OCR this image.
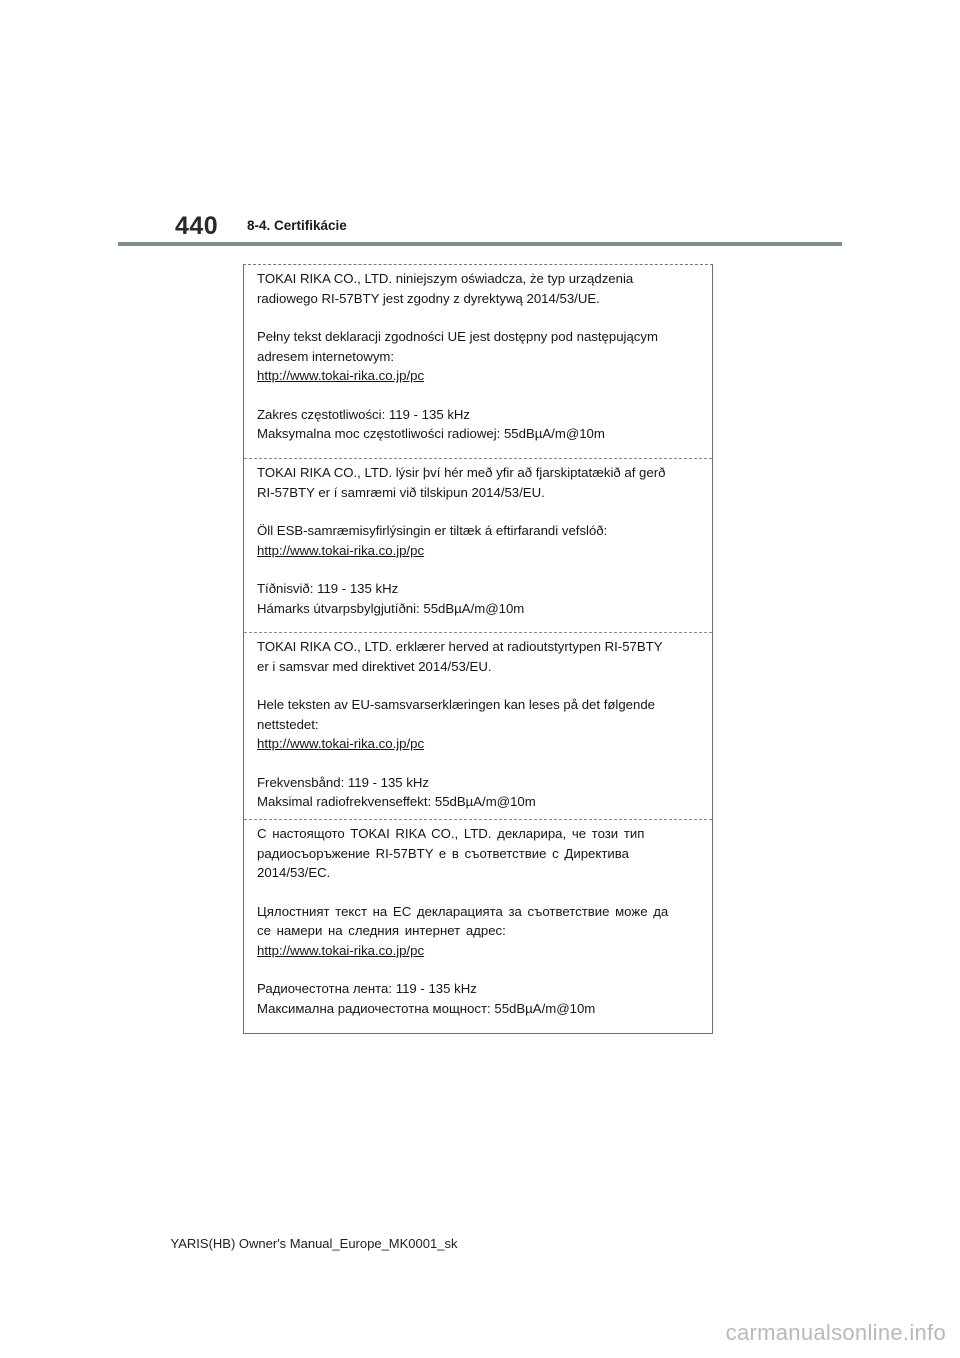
440 8-4. Certifikácie
TOKAI RIKA CO., LTD. niniejszym oświadcza, że typ urządzenia
radiowego RI-57BTY jest zgodny z dyrektywą 2014/53/UE.
Pełny tekst deklaracji zgodności UE jest dostępny pod następującym
adresem internetowym:
http://www.tokai-rika.co.jp/pc
Zakres częstotliwości: 119 - 135 kHz
Maksymalna moc częstotliwości radiowej: 55dBµA/m@10m
TOKAI RIKA CO., LTD. lýsir því hér með yfir að fjarskiptatækið af gerð
RI-57BTY er í samræmi við tilskipun 2014/53/EU.
Öll ESB-samræmisyfirlýsingin er tiltæk á eftirfarandi vefslóð:
http://www.tokai-rika.co.jp/pc
Tíðnisvið: 119 - 135 kHz
Hámarks útvarpsbylgjutíðni: 55dBµA/m@10m
TOKAI RIKA CO., LTD. erklærer herved at radioutstyrtypen RI-57BTY
er i samsvar med direktivet 2014/53/EU.
Hele teksten av EU-samsvarserklæringen kan leses på det følgende
nettstedet:
http://www.tokai-rika.co.jp/pc
Frekvensbånd: 119 - 135 kHz
Maksimal radiofrekvenseffekt: 55dBµA/m@10m
С настоящото TOKAI RIKA CO., LTD. декларира, че този тип
радиосъоръжение RI-57BTY е в съответствие с Директива
2014/53/ЕС.
Цялостният текст на ЕС декларацията за съответствие може да
се намери на следния интернет адрес:
http://www.tokai-rika.co.jp/pc
Радиочестотна лента: 119 - 135 kHz
Максимална радиочестотна мощност: 55dBµA/m@10m
YARIS(HB) Owner's Manual_Europe_MK0001_sk
carmanualsonline.info
